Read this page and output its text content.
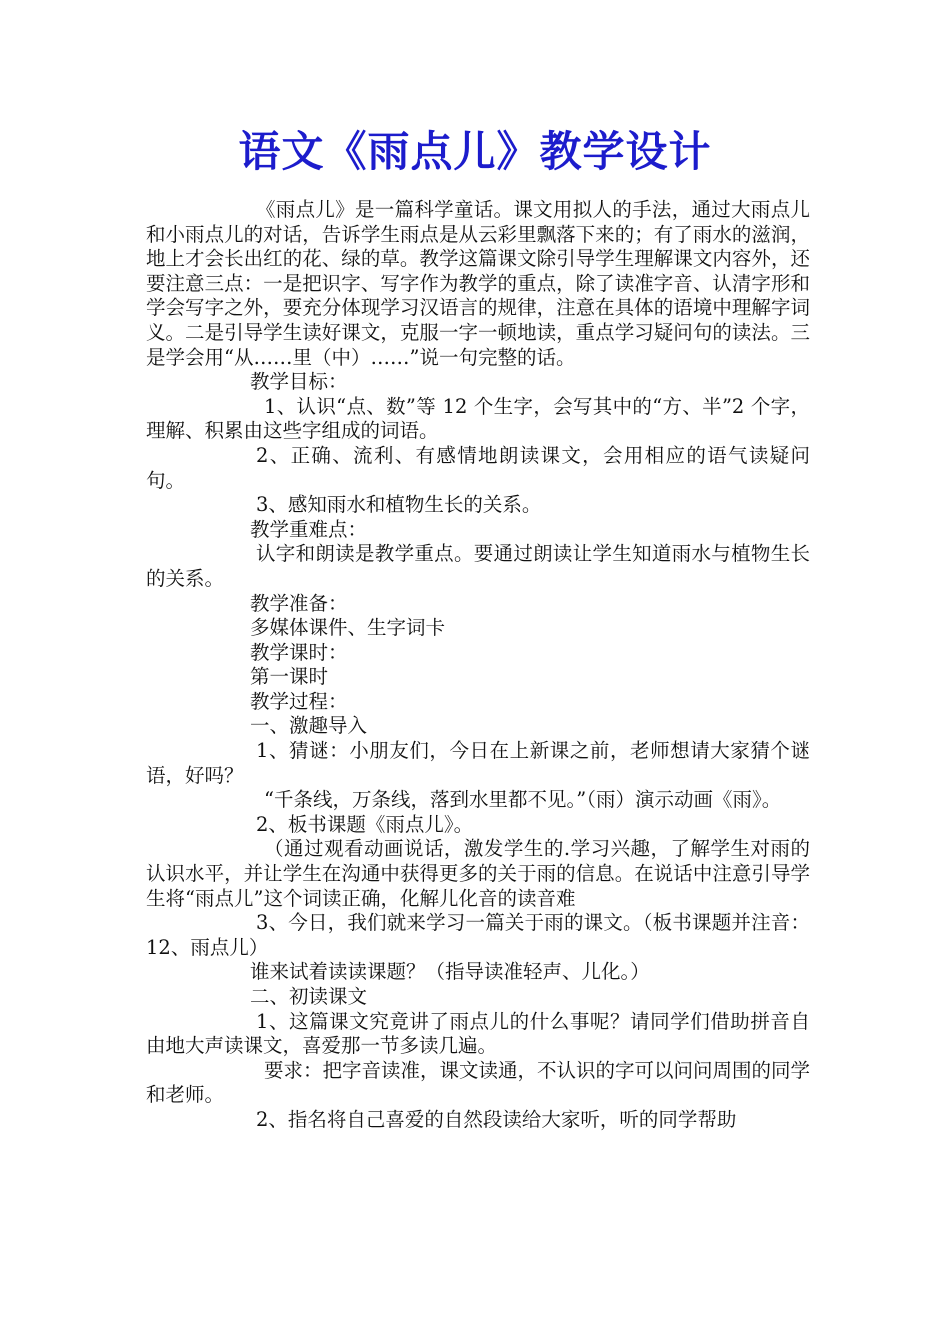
语文《雨点儿》教学设计

《雨点儿》是一篇科学童话。课文用拟人的手法，通过大雨点儿和小雨点儿的对话，告诉学生雨点是从云彩里飘落下来的；有了雨水的滋润，地上才会长出红的花、绿的草。教学这篇课文除引导学生理解课文内容外，还要注意三点：一是把识字、写字作为教学的重点，除了读准字音、认清字形和学会写字之外，要充分体现学习汉语言的规律，注意在具体的语境中理解字词义。二是引导学生读好课文，克服一字一顿地读，重点学习疑问句的读法。三是学会用“从……里（中）……”说一句完整的话。

教学目标：

1、认识“点、数”等 12 个生字，会写其中的“方、半”2 个字，理解、积累由这些字组成的词语。

2、正确、流利、有感情地朗读课文，会用相应的语气读疑问句。

3、感知雨水和植物生长的关系。

教学重难点：

认字和朗读是教学重点。要通过朗读让学生知道雨水与植物生长的关系。

教学准备：

多媒体课件、生字词卡

教学课时：

第一课时

教学过程：

一、激趣导入

1、猜谜：小朋友们，今日在上新课之前，老师想请大家猜个谜语，好吗？

“千条线，万条线，落到水里都不见。”（雨）演示动画《雨》。

2、板书课题《雨点儿》。

（通过观看动画说话，激发学生的.学习兴趣，了解学生对雨的认识水平，并让学生在沟通中获得更多的关于雨的信息。在说话中注意引导学生将“雨点儿”这个词读正确，化解儿化音的读音难

3、今日，我们就来学习一篇关于雨的课文。（板书课题并注音：12、雨点儿）

谁来试着读读课题？（指导读准轻声、儿化。）

二、初读课文

1、这篇课文究竟讲了雨点儿的什么事呢？请同学们借助拼音自由地大声读课文，喜爱那一节多读几遍。

要求：把字音读准，课文读通，不认识的字可以问问周围的同学和老师。

2、指名将自己喜爱的自然段读给大家听，听的同学帮助
